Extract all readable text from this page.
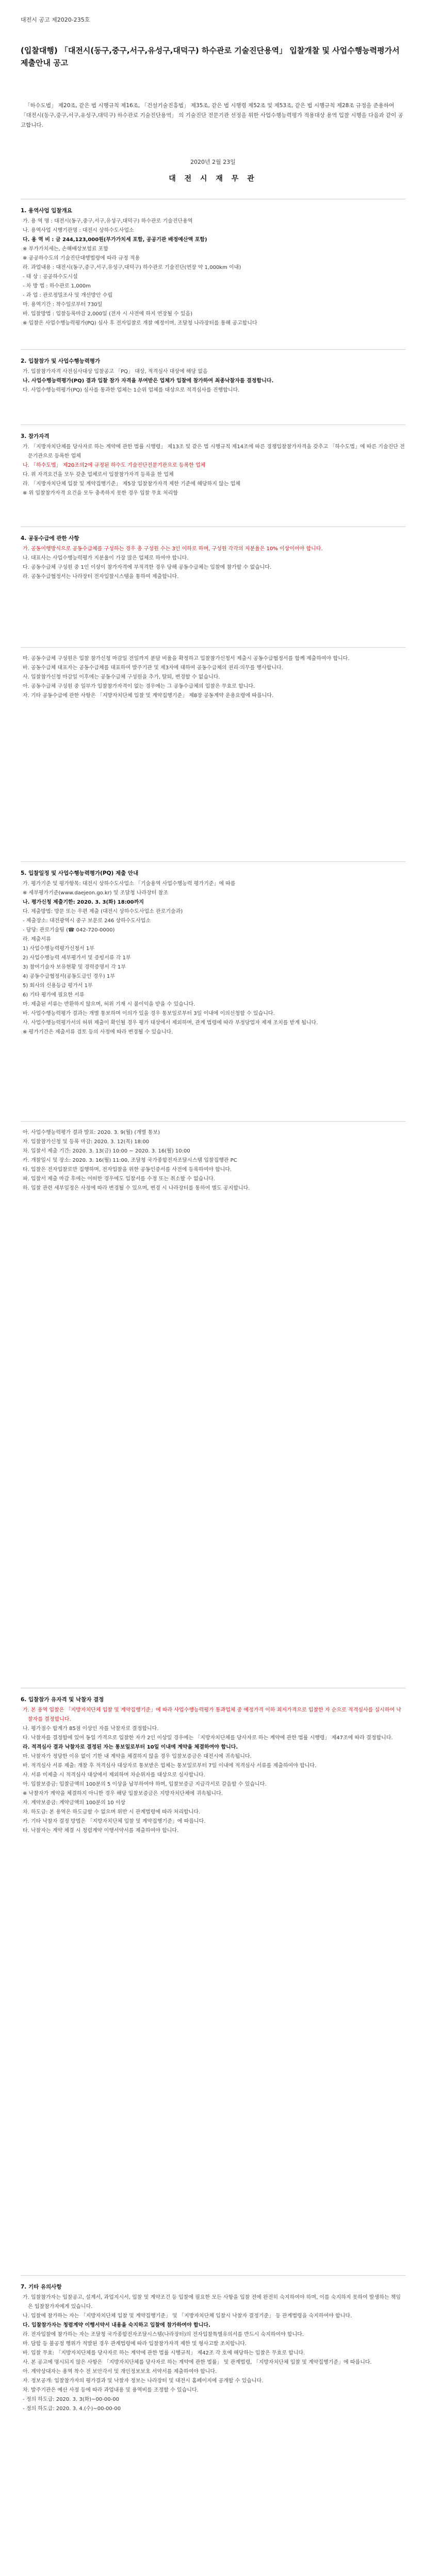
대전시 공고 제2020-235호
(입찰대행) 「대전시(동구,중구,서구,유성구,대덕구) 하수관로 기술진단용역」 입찰개찰 및 사업수행능력평가서 제출안내 공고
「하수도법」 제20조, 같은 법 시행규칙 제16조, 「건설기술진흥법」 제35조, 같은 법 시행령 제52조 및 제53조, 같은 법 시행규칙 제28조 규정을 준용하여 「대전시(동구,중구,서구,유성구,대덕구) 하수관로 기술진단용역」 의 기술진단 전문기관 선정을 위한 사업수행능력평가 적용대상 용역 입찰 시행을 다음과 같이 공고합니다.
2020년 2월 23일
대 전 시 재 무 관
1. 용역사업 입찰개요

가. 용 역 명 : 대전시(동구,중구,서구,유성구,대덕구) 하수관로 기술진단용역

나. 용역사업 시행기관명 : 대전시 상하수도사업소

다. 용 역 비 : 금 244,123,000원(부가가치세 포함, 공공기관 배정예산액 포함)

※ 부가가치세는, 손해배상보험료 포함

※ 공공하수도의 기술진단대행법령에 따라 규정 적용

라. 과업내용 : 대전시(동구,중구,서구,유성구,대덕구) 하수관로 기술진단(연장 약 1,000km 이내)

- 대 상 : 공공하수도시설

- 차 방 법 : 하수관로 1,000m

- 과 업 : 관로정밀조사 및 개선방안 수립

마. 용역기간 : 착수일로부터 730일

바. 입찰방법 : 입찰등록마감 2,000일 (전자 시 사전에 하지 연장될 수 있음)

※ 입찰은 사업수행능력평가(PQ) 심사 후 전자입찰로 개찰 예정이며, 조달청 나라장터를 통해 공고합니다

2. 입찰참가 및 사업수행능력평가

가. 입찰참가자격 사전심사대상 입찰공고 「PQ」 대상, 적격심사 대상에 해당 없음

나. 사업수행능력평가(PQ) 결과 입찰 참가 자격을 부여받은 업체가 입찰에 참가하여 최종낙찰자를 결정합니다.

다. 사업수행능력평가(PQ) 심사를 통과한 업체는 1순위 업체를 대상으로 적격심사를 진행합니다.

3. 참가자격

가. 「지방자치단체를 당사자로 하는 계약에 관한 법률 시행령」 제13조 및 같은 법 시행규칙 제14조에 따른 경쟁입찰참가자격을 갖추고 「하수도법」에 따른 기술진단 전문기관으로 등록한 업체

나. 「하수도법」 제20조의2에 규정된 하수도 기술진단전문기관으로 등록한 업체

다. 위 자격요건을 모두 갖춘 업체로서 입찰참가자격 등록을 한 업체

라. 「지방자치단체 입찰 및 계약집행기준」 제5장 입찰참가자격 제한 기준에 해당하지 않는 업체

※ 위 입찰참가자격 요건을 모두 충족하지 못한 경우 입찰 무효 처리함

4. 공동수급에 관한 사항

가. 공동이행방식으로 공동수급체를 구성하는 경우 총 구성원 수는 3인 이하로 하며, 구성원 각각의 지분율은 10% 이상이어야 합니다.

나. 대표사는 사업수행능력평가 지분율이 가장 많은 업체로 하여야 합니다.

다. 공동수급체 구성원 중 1인 이상이 참가자격에 부적격한 경우 당해 공동수급체는 입찰에 참가할 수 없습니다.

라. 공동수급협정서는 나라장터 전자입찰시스템을 통하여 제출합니다.

마. 공동수급체 구성원은 입찰 참가신청 마감일 전일까지 분담 비율을 확정하고 입찰참가신청서 제출시 공동수급협정서를 함께 제출하여야 합니다.

바. 공동수급체 대표자는 공동수급체를 대표하여 발주기관 및 제3자에 대하여 공동수급체의 권리·의무를 행사합니다.

사. 입찰참가신청 마감일 이후에는 공동수급체 구성원을 추가, 탈퇴, 변경할 수 없습니다.

아. 공동수급체 구성원 중 일부가 입찰참가자격이 없는 경우에는 그 공동수급체의 입찰은 무효로 합니다.

자. 기타 공동수급에 관한 사항은 「지방자치단체 입찰 및 계약집행기준」 제8장 공동계약 운용요령에 따릅니다.

5. 입찰일정 및 사업수행능력평가(PQ) 제출 안내

가. 평가기준 및 평가항목: 대전시 상하수도사업소 「기술용역 사업수행능력 평가기준」에 따름

※ 세부평가기준(www.daejeon.go.kr) 및 조달청 나라장터 참조

나. 평가신청 제출기한: 2020. 3. 3(화) 18:00까지

다. 제출방법: 방문 또는 우편 제출 (대전시 상하수도사업소 관로기술과)

- 제출장소: 대전광역시 중구 보문로 246 상하수도사업소

- 담당: 관로기술팀 (☎ 042-720-0000)

라. 제출서류

1) 사업수행능력평가신청서 1부

2) 사업수행능력 세부평가서 및 증빙서류 각 1부

3) 참여기술자 보유현황 및 경력증명서 각 1부

4) 공동수급협정서(공동도급인 경우) 1부

5) 회사의 신용등급 평가서 1부

6) 기타 평가에 필요한 서류

마. 제출된 서류는 반환하지 않으며, 허위 기재 시 불이익을 받을 수 있습니다.

바. 사업수행능력평가 결과는 개별 통보하며 이의가 있을 경우 통보일로부터 3일 이내에 이의신청할 수 있습니다.

사. 사업수행능력평가서의 허위 제출이 확인될 경우 평가 대상에서 제외하며, 관계 법령에 따라 부정당업자 제재 조치를 받게 됩니다.

※ 평가기간은 제출서류 검토 등의 사정에 따라 변경될 수 있습니다.

아. 사업수행능력평가 결과 발표: 2020. 3. 9(월) (개별 통보)

자. 입찰참가신청 및 등록 마감: 2020. 3. 12(목) 18:00

차. 입찰서 제출 기간: 2020. 3. 13(금) 10:00 ~ 2020. 3. 16(월) 10:00

카. 개찰일시 및 장소: 2020. 3. 16(월) 11:00, 조달청 국가종합전자조달시스템 입찰집행관 PC

타. 입찰은 전자입찰로만 집행하며, 전자입찰을 위한 공동인증서를 사전에 등록하여야 합니다.

파. 입찰서 제출 마감 후에는 어떠한 경우에도 입찰서를 수정 또는 취소할 수 없습니다.

하. 입찰 관련 세부일정은 사정에 따라 변경될 수 있으며, 변경 시 나라장터를 통하여 별도 공지합니다.

6. 입찰참가 유자격 및 낙찰자 결정

가. 본 용역 입찰은 「지방자치단체 입찰 및 계약집행기준」에 따라 사업수행능력평가 통과업체 중 예정가격 이하 최저가격으로 입찰한 자 순으로 적격심사를 실시하여 낙찰자를 결정합니다.

나. 평가점수 합계가 85점 이상인 자를 낙찰자로 결정합니다.

다. 낙찰자를 결정함에 있어 동일 가격으로 입찰한 자가 2인 이상일 경우에는 「지방자치단체를 당사자로 하는 계약에 관한 법률 시행령」 제47조에 따라 결정합니다.

라. 적격심사 결과 낙찰자로 결정된 자는 통보일로부터 10일 이내에 계약을 체결하여야 합니다.

마. 낙찰자가 정당한 이유 없이 기한 내 계약을 체결하지 않을 경우 입찰보증금은 대전시에 귀속됩니다.

바. 적격심사 서류 제출: 개찰 후 적격심사 대상자로 통보받은 업체는 통보일로부터 7일 이내에 적격심사 서류를 제출하여야 합니다.

사. 서류 미제출 시 적격심사 대상에서 제외하며 차순위자를 대상으로 심사합니다.

아. 입찰보증금: 입찰금액의 100분의 5 이상을 납부하여야 하며, 입찰보증금 지급각서로 갈음할 수 있습니다.

※ 낙찰자가 계약을 체결하지 아니한 경우 해당 입찰보증금은 지방자치단체에 귀속됩니다.

자. 계약보증금: 계약금액의 100분의 10 이상

차. 하도급: 본 용역은 하도급할 수 없으며 위반 시 관계법령에 따라 처리합니다.

카. 기타 낙찰자 결정 방법은 「지방자치단체 입찰 및 계약집행기준」에 따릅니다.

타. 낙찰자는 계약 체결 시 청렴계약 이행서약서를 제출하여야 합니다.

7. 기타 유의사항

가. 입찰참가자는 입찰공고, 설계서, 과업지시서, 입찰 및 계약조건 등 입찰에 필요한 모든 사항을 입찰 전에 완전히 숙지하여야 하며, 이를 숙지하지 못하여 발생하는 책임은 입찰참가자에게 있습니다.

나. 입찰에 참가하는 자는 「지방자치단체 입찰 및 계약집행기준」 및 「지방자치단체 입찰시 낙찰자 결정기준」 등 관계법령을 숙지하여야 합니다.

다. 입찰참가자는 청렴계약 이행서약서 내용을 숙지하고 입찰에 참가하여야 합니다.

라. 전자입찰에 참가하는 자는 조달청 국가종합전자조달시스템(나라장터)의 전자입찰특별유의서를 반드시 숙지하여야 합니다.

마. 담합 등 불공정 행위가 적발된 경우 관계법령에 따라 입찰참가자격 제한 및 형사고발 조치합니다.

바. 입찰 무효: 「지방자치단체를 당사자로 하는 계약에 관한 법률 시행규칙」 제42조 각 호에 해당하는 입찰은 무효로 합니다.

사. 본 공고에 명시되지 않은 사항은 「지방자치단체를 당사자로 하는 계약에 관한 법률」 및 관계법령, 「지방자치단체 입찰 및 계약집행기준」에 따릅니다.

아. 계약상대자는 용역 착수 전 보안각서 및 개인정보보호 서약서를 제출하여야 합니다.

자. 정보공개: 입찰참가자의 평가결과 및 낙찰자 정보는 나라장터 및 대전시 홈페이지에 공개할 수 있습니다.

차. 발주기관은 예산 사정 등에 따라 과업내용 및 용역비를 조정할 수 있습니다.

- 정의 하도급: 2020. 3. 3(화)~00-00-00

- 정의 하도급: 2020. 3. 4.(수)~00-00-00
